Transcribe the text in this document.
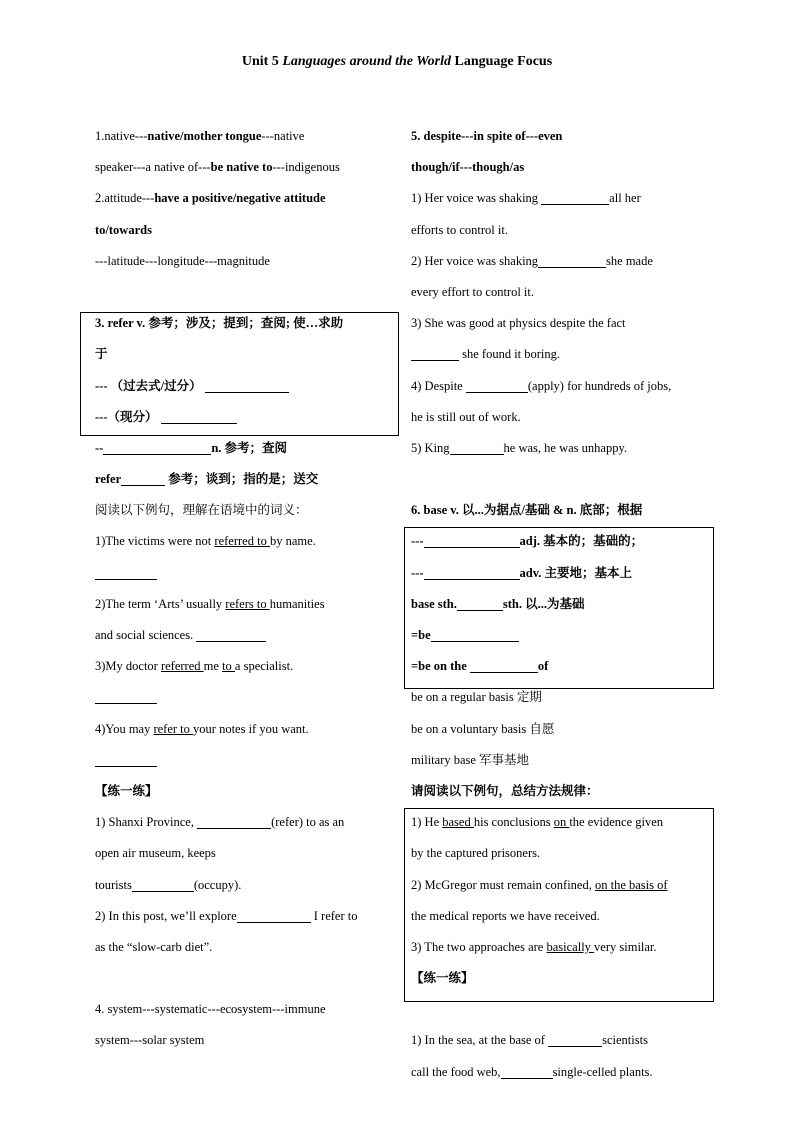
Unit 5 Languages around the World Language Focus
1.native---native/mother tongue---native
speaker---a native of---be native to---indigenous
2.attitude---have a positive/negative attitude
to/towards
---latitude---longitude---magnitude
3. refer v. 参考；涉及；提到；查阅; 使…求助
于
--- （过去式/过分）
---（现分）
--	n. 参考；查阅
refer	参考；谈到；指的是；送交
阅读以下例句，理解在语境中的词义：
1)The victims were not referred to by name.
2)The term ‘Arts’ usually refers to humanities
and social sciences.
3)My doctor referred me to a specialist.
4)You may refer to your notes if you want.
【练一练】
1) Shanxi Province,	(refer) to as an
open air museum, keeps
tourists	(occupy).
2) In this post, we’ll explore	I refer to
as the “slow-carb diet”.
4. system---systematic---ecosystem---immune
system---solar system
5. despite---in spite of---even
though/if---though/as
1) Her voice was shaking	all her
efforts to control it.
2) Her voice was shaking	she made
every effort to control it.
3) She was good at physics despite the fact
she found it boring.
4) Despite	(apply) for hundreds of jobs,
he is still out of work.
5) King	he was, he was unhappy.
6. base v. 以...为据点/基础 & n. 底部；根据
---	adj. 基本的；基础的；
---	adv. 主要地；基本上
base sth.	sth. 以...为基础
=be
=be on the	of
be on a regular basis 定期
be on a voluntary basis 自愿
military base 军事基地
请阅读以下例句，总结方法规律：
1) He based his conclusions on the evidence given
by the captured prisoners.
2) McGregor must remain confined, on the basis of
the medical reports we have received.
3) The two approaches are basically very similar.
【练一练】
1) In the sea, at the base of	scientists
call the food web,	single-celled plants.
